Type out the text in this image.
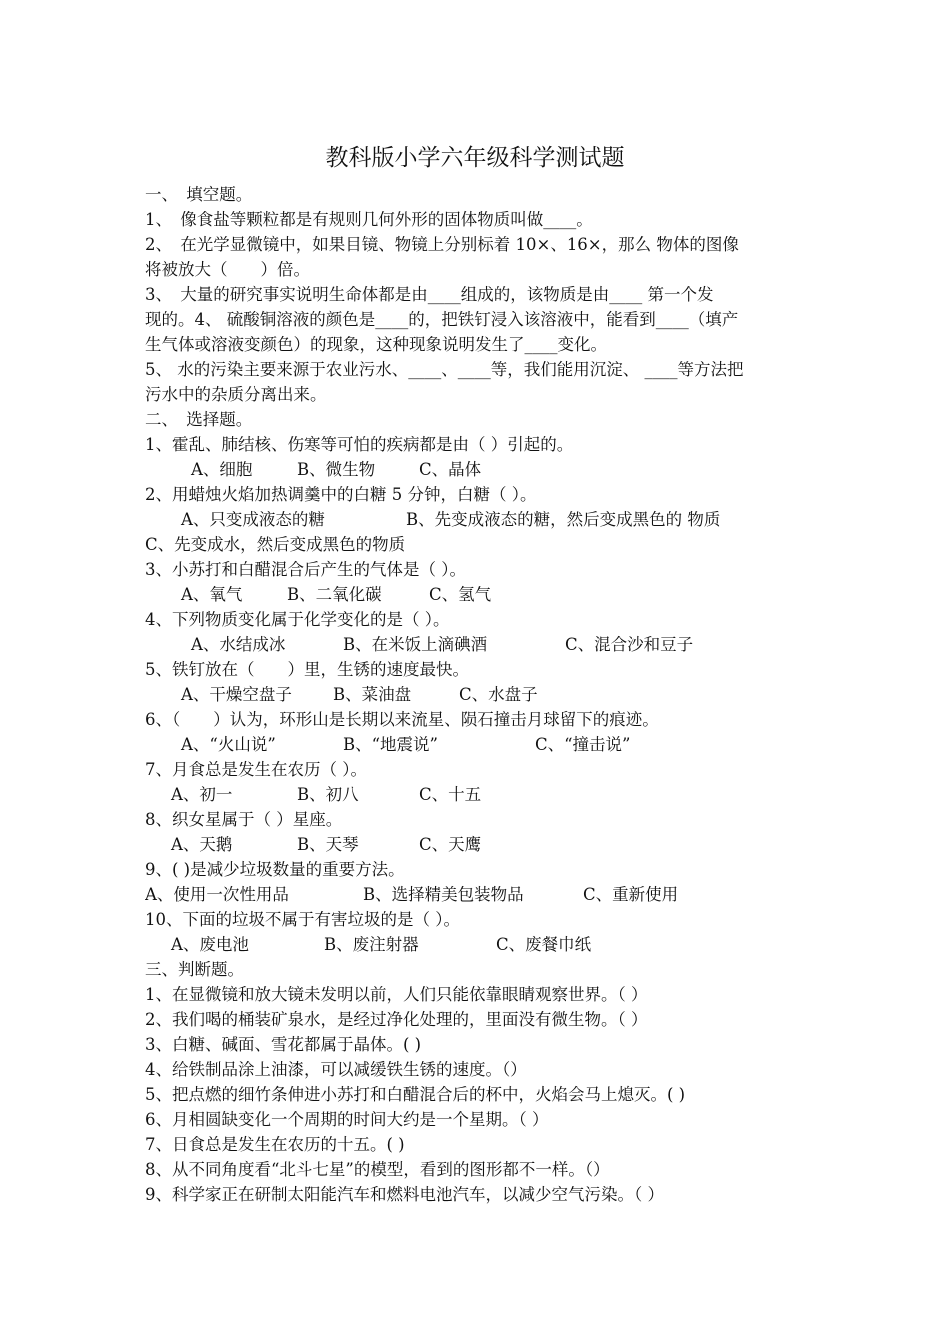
教科版小学六年级科学测试题
一、　填空题。
1、　像食盐等颗粒都是有规则几何外形的固体物质叫做____。
2、　在光学显微镜中，如果目镜、物镜上分别标着 10×、16×，那么 物体的图像
将被放大（　　）倍。
3、　大量的研究事实说明生命体都是由____组成的，该物质是由____ 第一个发
现的。4、 硫酸铜溶液的颜色是____的，把铁钉浸入该溶液中，能看到____（填产
生气体或溶液变颜色）的现象，这种现象说明发生了____变化。
5、 水的污染主要来源于农业污水、____、____等，我们能用沉淀、 ____等方法把
污水中的杂质分离出来。
二、　选择题。
1、霍乱、肺结核、伤寒等可怕的疾病都是由（ ）引起的。
A、细胞	B、微生物	C、晶体
2、用蜡烛火焰加热调羹中的白糖 5 分钟，白糖（ ）。
A、只变成液态的糖	B、先变成液态的糖，然后变成黑色的 物质
C、先变成水，然后变成黑色的物质
3、小苏打和白醋混合后产生的气体是（ ）。
A、氧气	B、二氧化碳	C、氢气
4、下列物质变化属于化学变化的是（ ）。
A、水结成冰	B、在米饭上滴碘酒	C、混合沙和豆子
5、铁钉放在（　　）里，生锈的速度最快。
A、干燥空盘子 B、菜油盘	C、水盘子
6、（　　）认为，环形山是长期以来流星、陨石撞击月球留下的痕迹。
A、“火山说”	B、“地震说”	C、“撞击说”
7、月食总是发生在农历（ ）。
A、初一	B、初八	C、十五
8、织女星属于（ ）星座。
A、天鹅	B、天琴	C、天鹰
9、( )是减少垃圾数量的重要方法。
A、使用一次性用品	B、选择精美包装物品	C、重新使用
10、下面的垃圾不属于有害垃圾的是（ ）。
A、废电池	B、废注射器	C、废餐巾纸
三、判断题。
1、在显微镜和放大镜未发明以前，人们只能依靠眼睛观察世界。（ ）
2、我们喝的桶装矿泉水，是经过净化处理的，里面没有微生物。（ ）
3、白糖、碱面、雪花都属于晶体。( )
4、给铁制品涂上油漆，可以减缓铁生锈的速度。（）
5、把点燃的细竹条伸进小苏打和白醋混合后的杯中，火焰会马上熄灭。( )
6、月相圆缺变化一个周期的时间大约是一个星期。（ ）
7、日食总是发生在农历的十五。( )
8、从不同角度看“北斗七星”的模型，看到的图形都不一样。（）
9、科学家正在研制太阳能汽车和燃料电池汽车，以减少空气污染。（ ）
